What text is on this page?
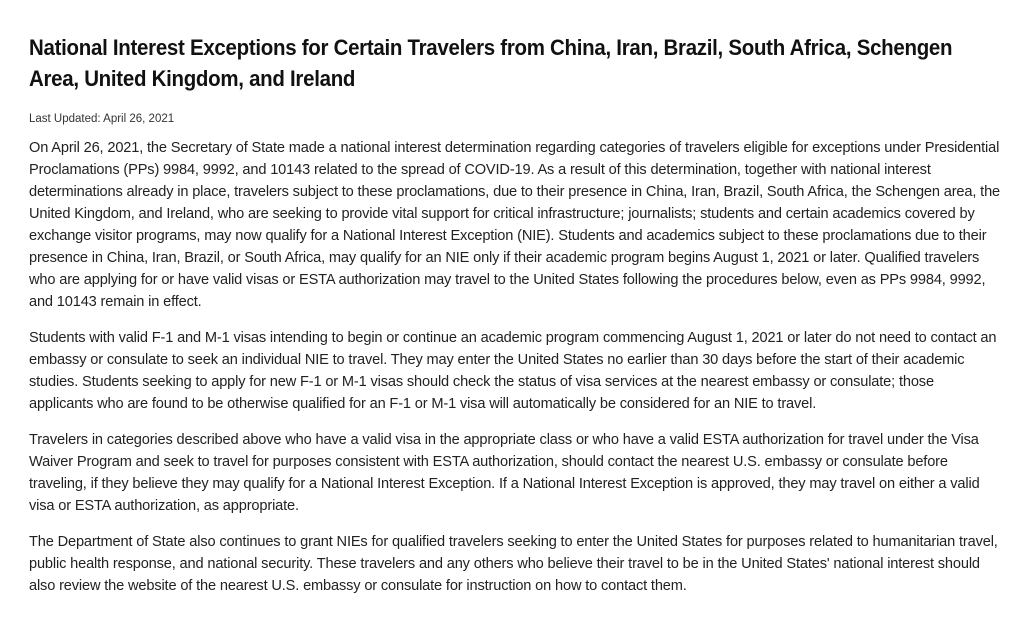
National Interest Exceptions for Certain Travelers from China, Iran, Brazil, South Africa, Schengen Area, United Kingdom, and Ireland
Last Updated: April 26, 2021

On April 26, 2021, the Secretary of State made a national interest determination regarding categories of travelers eligible for exceptions under Presidential Proclamations (PPs) 9984, 9992, and 10143 related to the spread of COVID-19. As a result of this determination, together with national interest determinations already in place, travelers subject to these proclamations, due to their presence in China, Iran, Brazil, South Africa, the Schengen area, the United Kingdom, and Ireland, who are seeking to provide vital support for critical infrastructure; journalists; students and certain academics covered by exchange visitor programs, may now qualify for a National Interest Exception (NIE). Students and academics subject to these proclamations due to their presence in China, Iran, Brazil, or South Africa, may qualify for an NIE only if their academic program begins August 1, 2021 or later. Qualified travelers who are applying for or have valid visas or ESTA authorization may travel to the United States following the procedures below, even as PPs 9984, 9992, and 10143 remain in effect.

Students with valid F-1 and M-1 visas intending to begin or continue an academic program commencing August 1, 2021 or later do not need to contact an embassy or consulate to seek an individual NIE to travel. They may enter the United States no earlier than 30 days before the start of their academic studies. Students seeking to apply for new F-1 or M-1 visas should check the status of visa services at the nearest embassy or consulate; those applicants who are found to be otherwise qualified for an F-1 or M-1 visa will automatically be considered for an NIE to travel.

Travelers in categories described above who have a valid visa in the appropriate class or who have a valid ESTA authorization for travel under the Visa Waiver Program and seek to travel for purposes consistent with ESTA authorization, should contact the nearest U.S. embassy or consulate before traveling, if they believe they may qualify for a National Interest Exception. If a National Interest Exception is approved, they may travel on either a valid visa or ESTA authorization, as appropriate.

The Department of State also continues to grant NIEs for qualified travelers seeking to enter the United States for purposes related to humanitarian travel, public health response, and national security. These travelers and any others who believe their travel to be in the United States' national interest should also review the website of the nearest U.S. embassy or consulate for instruction on how to contact them.
